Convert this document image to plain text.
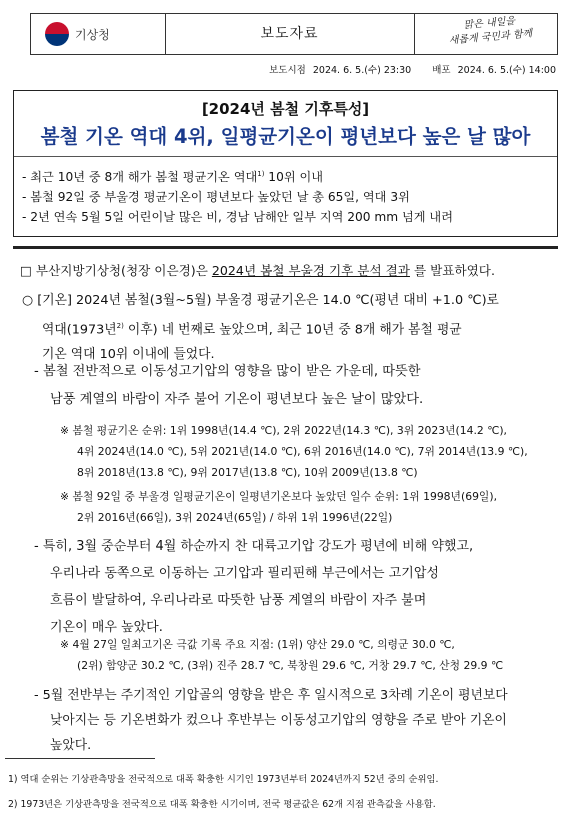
기상청	보도자료
맑은 내일을
새롭게 국민과 함께
보도시점 2024. 6. 5.(수) 23:30 배포 2024. 6. 5.(수) 14:00
[2024년 봄철 기후특성]
봄철 기온 역대 4위, 일평균기온이 평년보다 높은 날 많아
- 최근 10년 중 8개 해가 봄철 평균기온 역대$^{1)}$ 10위 이내
- 봄철 92일 중 부울경 평균기온이 평년보다 높았던 날 총 65일, 역대 3위
- 2년 연속 5월 5일 어린이날 많은 비, 경남 남해안 일부 지역 200 mm 넘게 내려
□ 부산지방기상청(청장 이은경)은 2024년 봄철 부울경 기후 분석 결과 를 발표하였다.
○ [기온] 2024년 봄철(3월~5월) 부울경 평균기온은 14.0 ℃(평년 대비 +1.0 ℃)로
역대(1973년$^{2)}$ 이후) 네 번째로 높았으며, 최근 10년 중 8개 해가 봄철 평균
기온 역대 10위 이내에 들었다.
- 봄철 전반적으로 이동성고기압의 영향을 많이 받은 가운데, 따뜻한
남풍 계열의 바람이 자주 불어 기온이 평년보다 높은 날이 많았다.
※ 봄철 평균기온 순위: 1위 1998년(14.4 ℃), 2위 2022년(14.3 ℃), 3위 2023년(14.2 ℃),
4위 2024년(14.0 ℃), 5위 2021년(14.0 ℃), 6위 2016년(14.0 ℃), 7위 2014년(13.9 ℃),
8위 2018년(13.8 ℃), 9위 2017년(13.8 ℃), 10위 2009년(13.8 ℃)
※ 봄철 92일 중 부울경 일평균기온이 일평년기온보다 높았던 일수 순위: 1위 1998년(69일),
2위 2016년(66일), 3위 2024년(65일) / 하위 1위 1996년(22일)
- 특히, 3월 중순부터 4월 하순까지 찬 대륙고기압 강도가 평년에 비해 약했고,
우리나라 동쪽으로 이동하는 고기압과 필리핀해 부근에서는 고기압성
흐름이 발달하여, 우리나라로 따뜻한 남풍 계열의 바람이 자주 불며
기온이 매우 높았다.
※ 4월 27일 일최고기온 극값 기록 주요 지점: (1위) 양산 29.0 ℃, 의령군 30.0 ℃,
(2위) 함양군 30.2 ℃, (3위) 진주 28.7 ℃, 북창원 29.6 ℃, 거창 29.7 ℃, 산청 29.9 ℃
- 5월 전반부는 주기적인 기압골의 영향을 받은 후 일시적으로 3차례 기온이 평년보다
낮아지는 등 기온변화가 컸으나 후반부는 이동성고기압의 영향을 주로 받아 기온이
높았다.
1) 역대 순위는 기상관측망을 전국적으로 대폭 확충한 시기인 1973년부터 2024년까지 52년 중의 순위임.
2) 1973년은 기상관측망을 전국적으로 대폭 확충한 시기이며, 전국 평균값은 62개 지점 관측값을 사용함.
